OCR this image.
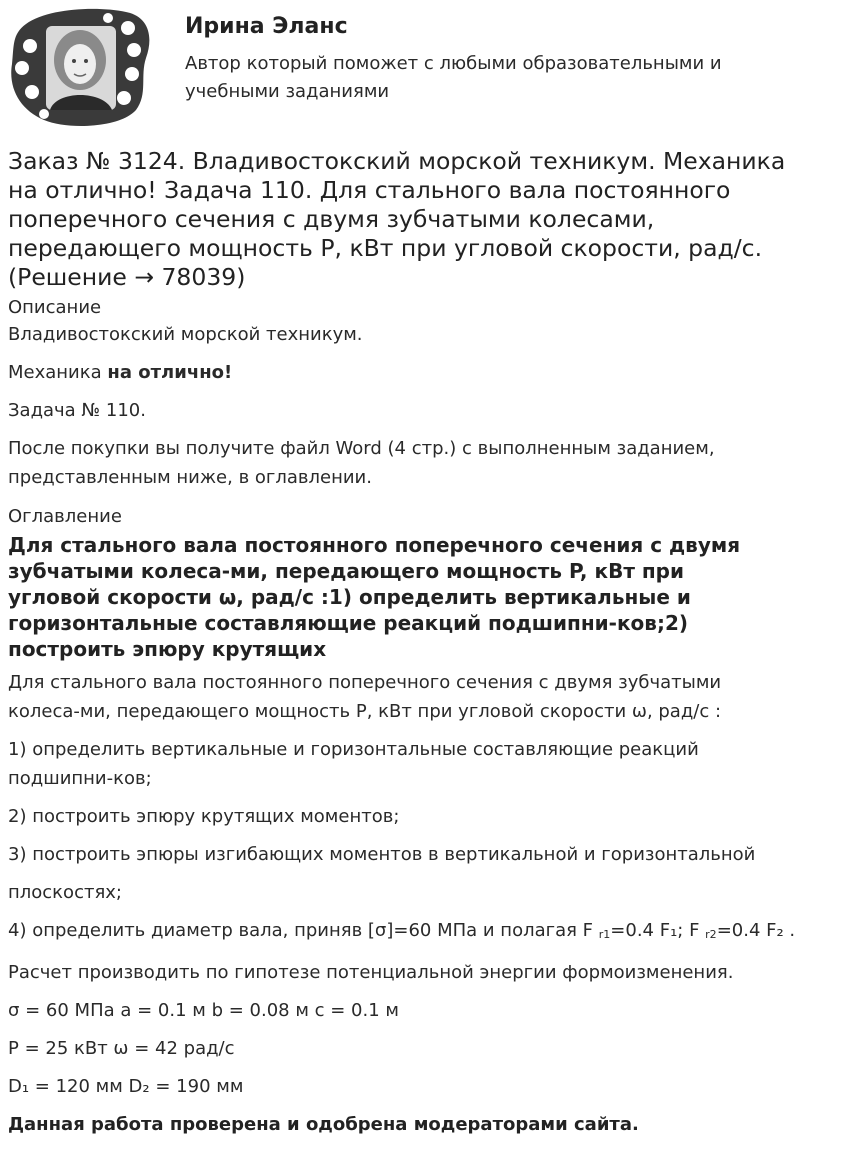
Ирина Эланс
Автор который поможет с любыми образовательными и
учебными заданиями
Заказ № 3124. Владивостокский морской техникум. Механика
на отлично! Задача 110. Для стального вала постоянного
поперечного сечения с двумя зубчатыми колесами,
передающего мощность P, кВт при угловой скорости, рад/с.
(Решение → 78039)
Описание

Владивостокский морской техникум.

Механика на отлично!

Задача № 110.

После покупки вы получите файл Word (4 стр.) с выполненным заданием,
представленным ниже, в оглавлении.

Оглавление
Для стального вала постоянного поперечного сечения с двумя
зубчатыми колеса-ми, передающего мощность P, кВт при
угловой скорости ω, рад/с :1) определить вертикальные и
горизонтальные составляющие реакций подшипни-ков;2)
построить эпюру крутящих

Для стального вала постоянного поперечного сечения с двумя зубчатыми
колеса-ми, передающего мощность P, кВт при угловой скорости ω, рад/с :

1) определить вертикальные и горизонтальные составляющие реакций
подшипни-ков;

2) построить эпюру крутящих моментов;

3) построить эпюры изгибающих моментов в вертикальной и горизонтальной

плоскостях;

4) определить диаметр вала, приняв [σ]=60 МПа и полагая F $_{r1}$=0.4 F₁; F $_{r2}$=0.4 F₂ .

Расчет производить по гипотезе потенциальной энергии формоизменения.

σ = 60 МПа a = 0.1 м b = 0.08 м c = 0.1 м

P = 25 кВт ω = 42 рад/с

D₁ = 120 мм D₂ = 190 мм

Данная работа проверена и одобрена модераторами сайта.
